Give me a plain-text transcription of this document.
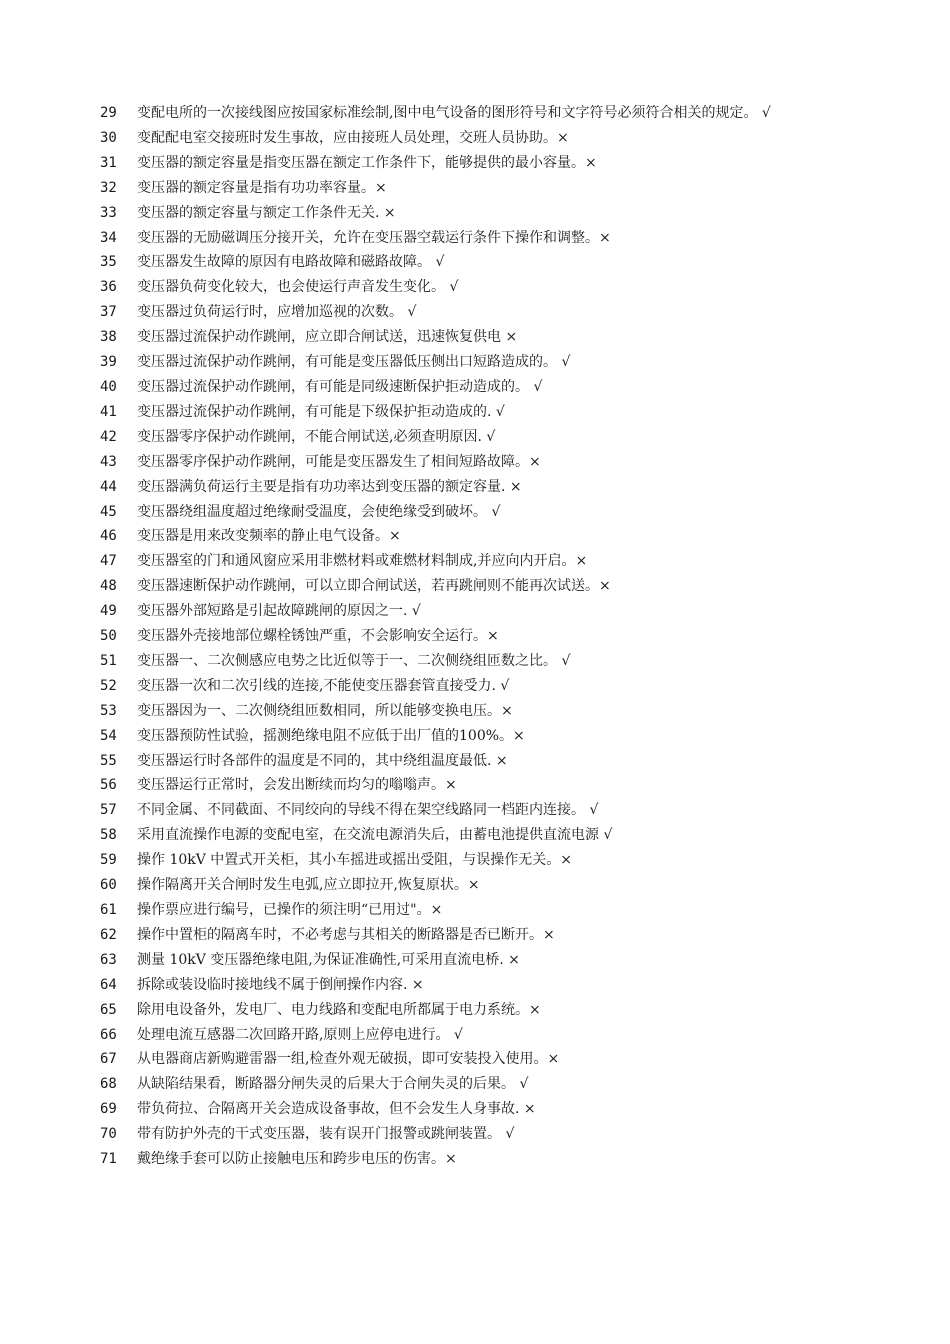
29	变配电所的一次接线图应按国家标准绘制,图中电气设备的图形符号和文字符号必须符合相关的规定。 √
30	变配配电室交接班时发生事故，应由接班人员处理，交班人员协助。×
31	变压器的额定容量是指变压器在额定工作条件下，能够提供的最小容量。×
32	变压器的额定容量是指有功功率容量。×
33	变压器的额定容量与额定工作条件无关. ×
34	变压器的无励磁调压分接开关，允许在变压器空载运行条件下操作和调整。×
35	变压器发生故障的原因有电路故障和磁路故障。 √
36	变压器负荷变化较大，也会使运行声音发生变化。 √
37	变压器过负荷运行时，应增加巡视的次数。 √
38	变压器过流保护动作跳闸，应立即合闸试送，迅速恢复供电 ×
39	变压器过流保护动作跳闸，有可能是变压器低压侧出口短路造成的。 √
40	变压器过流保护动作跳闸，有可能是同级速断保护拒动造成的。 √
41	变压器过流保护动作跳闸，有可能是下级保护拒动造成的. √
42	变压器零序保护动作跳闸，不能合闸试送,必须查明原因. √
43	变压器零序保护动作跳闸，可能是变压器发生了相间短路故障。×
44	变压器满负荷运行主要是指有功功率达到变压器的额定容量. ×
45	变压器绕组温度超过绝缘耐受温度，会使绝缘受到破坏。 √
46	变压器是用来改变频率的静止电气设备。×
47	变压器室的门和通风窗应采用非燃材料或难燃材料制成,并应向内开启。×
48	变压器速断保护动作跳闸，可以立即合闸试送，若再跳闸则不能再次试送。×
49	变压器外部短路是引起故障跳闸的原因之一. √
50	变压器外壳接地部位螺栓锈蚀严重，不会影响安全运行。×
51	变压器一、二次侧感应电势之比近似等于一、二次侧绕组匝数之比。 √
52	变压器一次和二次引线的连接,不能使变压器套管直接受力. √
53	变压器因为一、二次侧绕组匝数相同，所以能够变换电压。×
54	变压器预防性试验，摇测绝缘电阻不应低于出厂值的100%。×
55	变压器运行时各部件的温度是不同的，其中绕组温度最低. ×
56	变压器运行正常时，会发出断续而均匀的嗡嗡声。×
57	不同金属、不同截面、不同绞向的导线不得在架空线路同一档距内连接。 √
58	采用直流操作电源的变配电室，在交流电源消失后，由蓄电池提供直流电源 √
59	操作 10kV 中置式开关柜，其小车摇进或摇出受阻，与误操作无关。×
60	操作隔离开关合闸时发生电弧,应立即拉开,恢复原状。×
61	操作票应进行编号，已操作的须注明“已用过"。×
62	操作中置柜的隔离车时，不必考虑与其相关的断路器是否已断开。×
63	测量 10kV 变压器绝缘电阻,为保证准确性,可采用直流电桥. ×
64	拆除或装设临时接地线不属于倒闸操作内容. ×
65	除用电设备外，发电厂、电力线路和变配电所都属于电力系统。×
66	处理电流互感器二次回路开路,原则上应停电进行。 √
67	从电器商店新购避雷器一组,检查外观无破损，即可安装投入使用。×
68	从缺陷结果看，断路器分闸失灵的后果大于合闸失灵的后果。 √
69	带负荷拉、合隔离开关会造成设备事故，但不会发生人身事故. ×
70	带有防护外壳的干式变压器，装有误开门报警或跳闸装置。 √
71	戴绝缘手套可以防止接触电压和跨步电压的伤害。×
